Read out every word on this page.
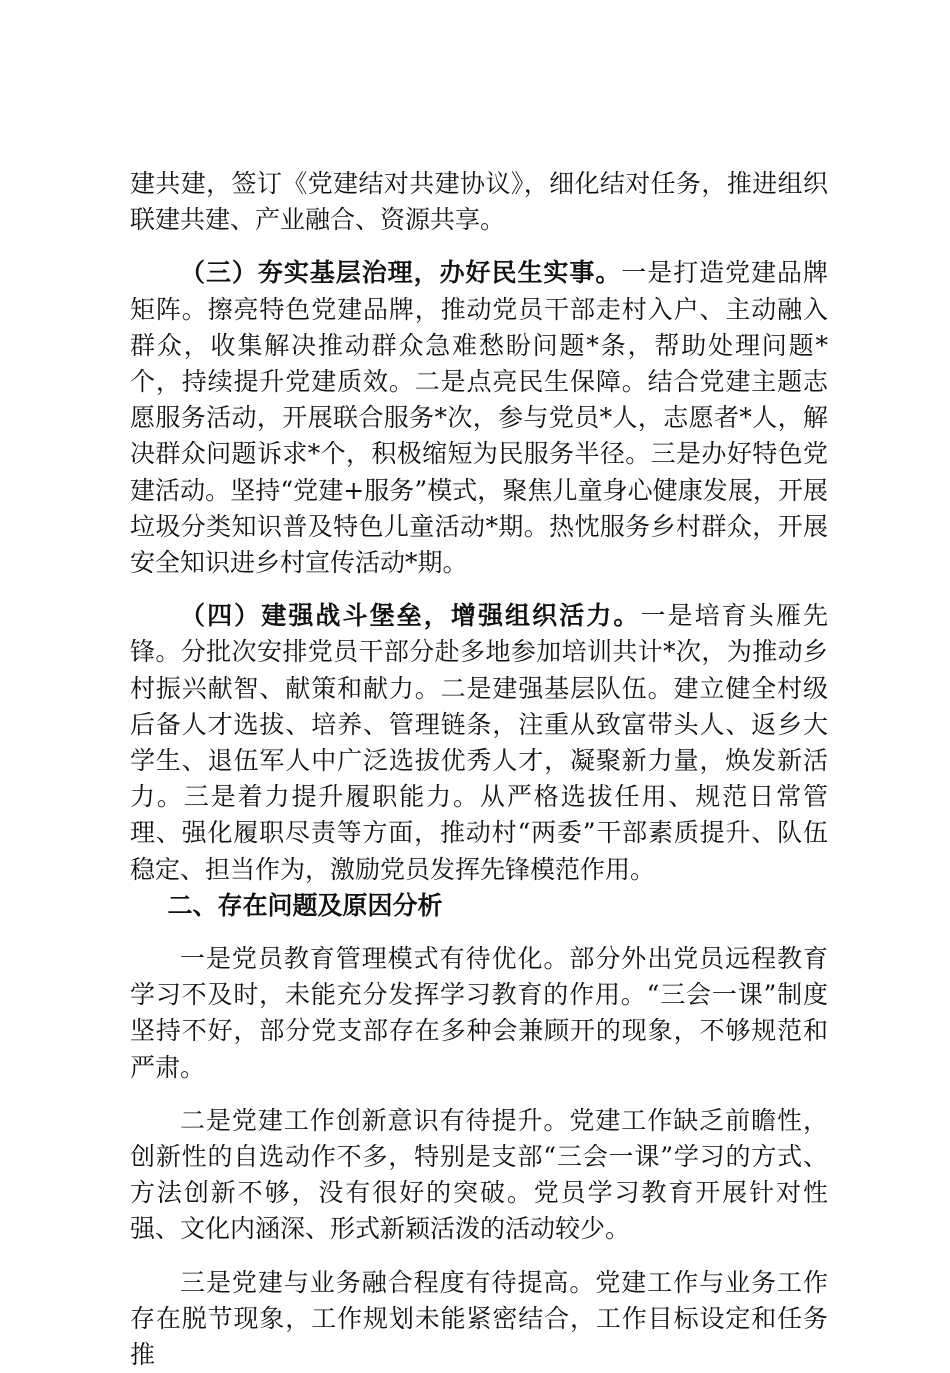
建共建，签订《党建结对共建协议》，细化结对任务，推进组织联建共建、产业融合、资源共享。

（三）夯实基层治理，办好民生实事。一是打造党建品牌矩阵。擦亮特色党建品牌，推动党员干部走村入户、主动融入群众，收集解决推动群众急难愁盼问题*条，帮助处理问题*个，持续提升党建质效。二是点亮民生保障。结合党建主题志愿服务活动，开展联合服务*次，参与党员*人，志愿者*人，解决群众问题诉求*个，积极缩短为民服务半径。三是办好特色党建活动。坚持“党建+服务”模式，聚焦儿童身心健康发展，开展垃圾分类知识普及特色儿童活动*期。热忱服务乡村群众，开展安全知识进乡村宣传活动*期。

（四）建强战斗堡垒，增强组织活力。一是培育头雁先锋。分批次安排党员干部分赴多地参加培训共计*次，为推动乡村振兴献智、献策和献力。二是建强基层队伍。建立健全村级后备人才选拔、培养、管理链条，注重从致富带头人、返乡大学生、退伍军人中广泛选拔优秀人才，凝聚新力量，焕发新活力。三是着力提升履职能力。从严格选拔任用、规范日常管理、强化履职尽责等方面，推动村“两委”干部素质提升、队伍稳定、担当作为，激励党员发挥先锋模范作用。

二、存在问题及原因分析

一是党员教育管理模式有待优化。部分外出党员远程教育学习不及时，未能充分发挥学习教育的作用。“三会一课”制度坚持不好，部分党支部存在多种会兼顾开的现象，不够规范和严肃。

二是党建工作创新意识有待提升。党建工作缺乏前瞻性，创新性的自选动作不多，特别是支部“三会一课”学习的方式、方法创新不够，没有很好的突破。党员学习教育开展针对性强、文化内涵深、形式新颖活泼的活动较少。

三是党建与业务融合程度有待提高。党建工作与业务工作存在脱节现象，工作规划未能紧密结合，工作目标设定和任务推
